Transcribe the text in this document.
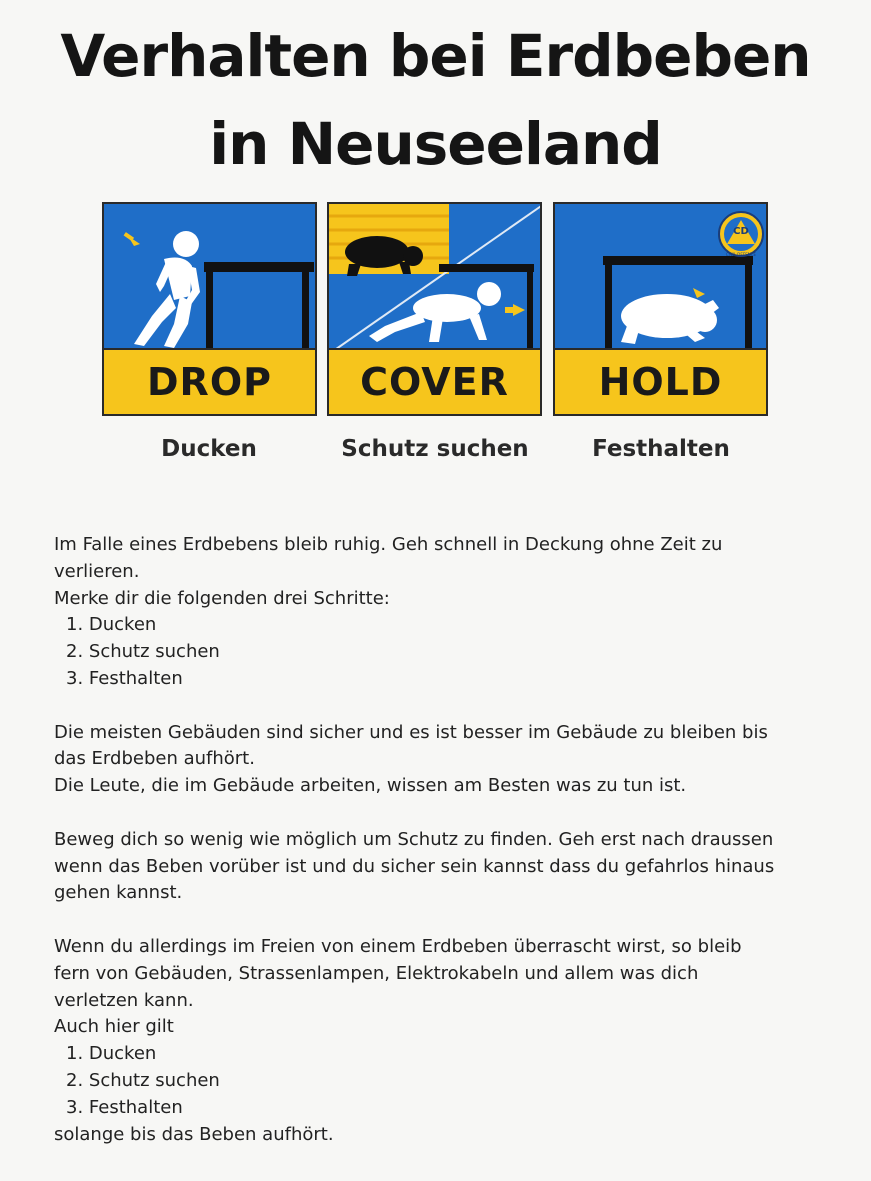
Verhalten bei Erdbeben
in Neuseeland
DROP COVER
CD
CIVIL DEFENCE
HOLD
Ducken	Schutz suchen	Festhalten

Im Falle eines Erdbebens bleib ruhig. Geh schnell in Deckung ohne Zeit zu

verlieren.

Merke dir die folgenden drei Schritte:

1. Ducken

2. Schutz suchen

3. Festhalten

Die meisten Gebäuden sind sicher und es ist besser im Gebäude zu bleiben bis

das Erdbeben aufhört.

Die Leute, die im Gebäude arbeiten, wissen am Besten was zu tun ist.

Beweg dich so wenig wie möglich um Schutz zu finden. Geh erst nach draussen

wenn das Beben vorüber ist und du sicher sein kannst dass du gefahrlos hinaus

gehen kannst.

Wenn du allerdings im Freien von einem Erdbeben überrascht wirst, so bleib

fern von Gebäuden, Strassenlampen, Elektrokabeln und allem was dich

verletzen kann.

Auch hier gilt

1. Ducken

2. Schutz suchen

3. Festhalten

solange bis das Beben aufhört.
